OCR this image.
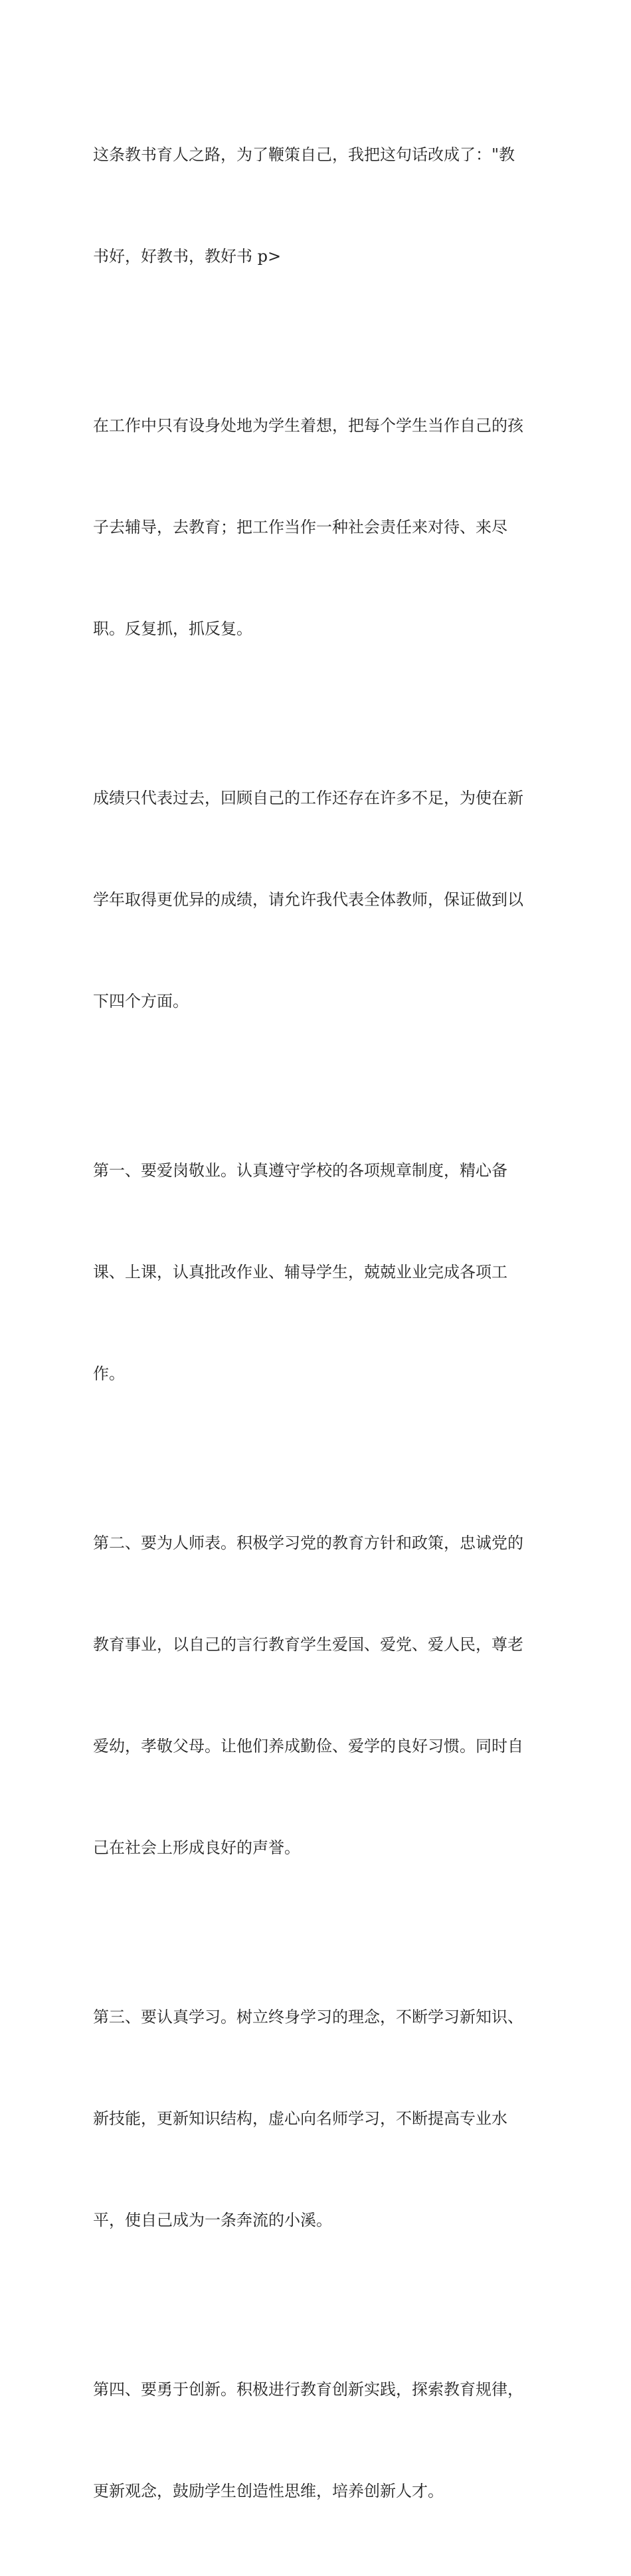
这条教书育人之路，为了鞭策自己，我把这句话改成了："教

书好，好教书，教好书 p>

在工作中只有设身处地为学生着想，把每个学生当作自己的孩

子去辅导，去教育；把工作当作一种社会责任来对待、来尽

职。反复抓，抓反复。

成绩只代表过去，回顾自己的工作还存在许多不足，为使在新

学年取得更优异的成绩，请允许我代表全体教师，保证做到以

下四个方面。

第一、要爱岗敬业。认真遵守学校的各项规章制度，精心备

课、上课，认真批改作业、辅导学生，兢兢业业完成各项工

作。

第二、要为人师表。积极学习党的教育方针和政策，忠诚党的

教育事业，以自己的言行教育学生爱国、爱党、爱人民，尊老

爱幼，孝敬父母。让他们养成勤俭、爱学的良好习惯。同时自

己在社会上形成良好的声誉。

第三、要认真学习。树立终身学习的理念，不断学习新知识、

新技能，更新知识结构，虚心向名师学习，不断提高专业水

平，使自己成为一条奔流的小溪。

第四、要勇于创新。积极进行教育创新实践，探索教育规律，

更新观念，鼓励学生创造性思维，培养创新人才。
